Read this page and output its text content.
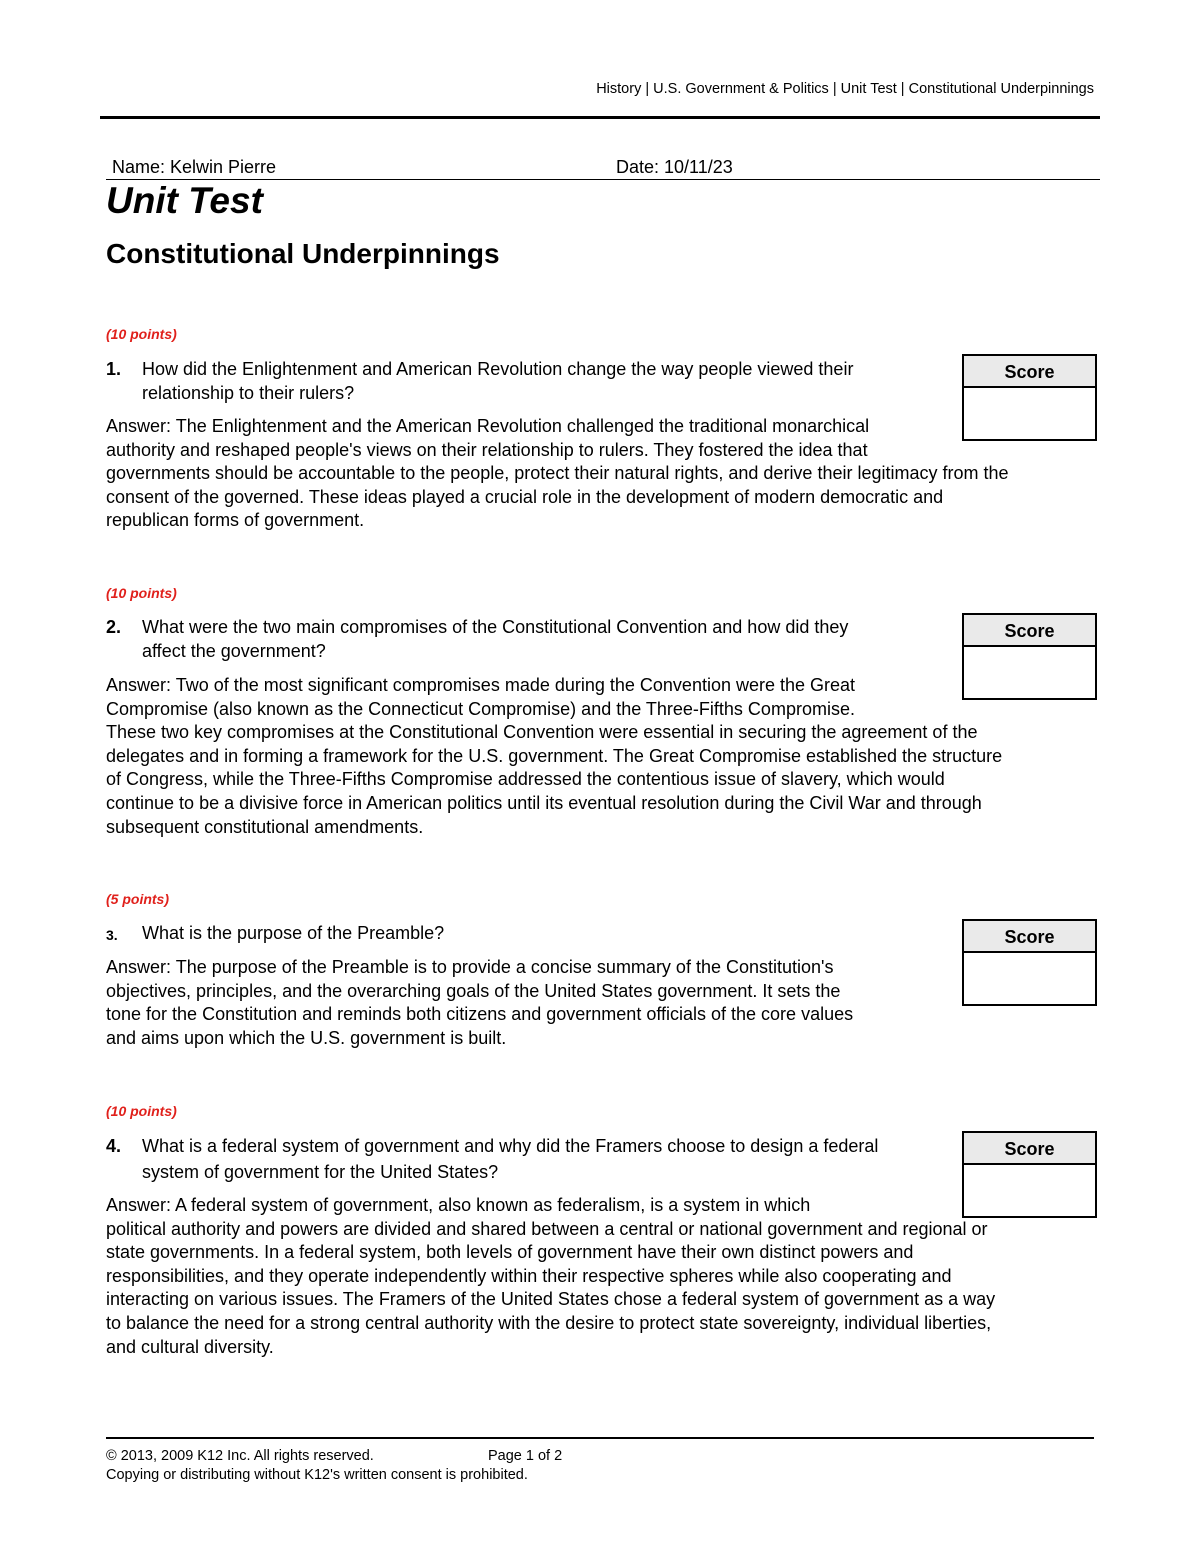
History | U.S. Government & Politics | Unit Test | Constitutional Underpinnings
Name: Kelwin Pierre	Date: 10/11/23
Unit Test
Constitutional Underpinnings
(10 points)
1. How did the Enlightenment and American Revolution change the way people viewed their
relationship to their rulers?
Score
Answer: The Enlightenment and the American Revolution challenged the traditional monarchical
authority and reshaped people's views on their relationship to rulers. They fostered the idea that
governments should be accountable to the people, protect their natural rights, and derive their legitimacy from the
consent of the governed. These ideas played a crucial role in the development of modern democratic and
republican forms of government.
(10 points)
2. What were the two main compromises of the Constitutional Convention and how did they
affect the government?
Score
Answer: Two of the most significant compromises made during the Convention were the Great
Compromise (also known as the Connecticut Compromise) and the Three-Fifths Compromise.
These two key compromises at the Constitutional Convention were essential in securing the agreement of the
delegates and in forming a framework for the U.S. government. The Great Compromise established the structure
of Congress, while the Three-Fifths Compromise addressed the contentious issue of slavery, which would
continue to be a divisive force in American politics until its eventual resolution during the Civil War and through
subsequent constitutional amendments.
(5 points)
3. What is the purpose of the Preamble?	Score
Answer: The purpose of the Preamble is to provide a concise summary of the Constitution's
objectives, principles, and the overarching goals of the United States government. It sets the
tone for the Constitution and reminds both citizens and government officials of the core values
and aims upon which the U.S. government is built.
(10 points)
4. What is a federal system of government and why did the Framers choose to design a federal
system of government for the United States?
Score
Answer: A federal system of government, also known as federalism, is a system in which
political authority and powers are divided and shared between a central or national government and regional or
state governments. In a federal system, both levels of government have their own distinct powers and
responsibilities, and they operate independently within their respective spheres while also cooperating and
interacting on various issues. The Framers of the United States chose a federal system of government as a way
to balance the need for a strong central authority with the desire to protect state sovereignty, individual liberties,
and cultural diversity.
© 2013, 2009 K12 Inc. All rights reserved.	Page 1 of 2
Copying or distributing without K12's written consent is prohibited.
